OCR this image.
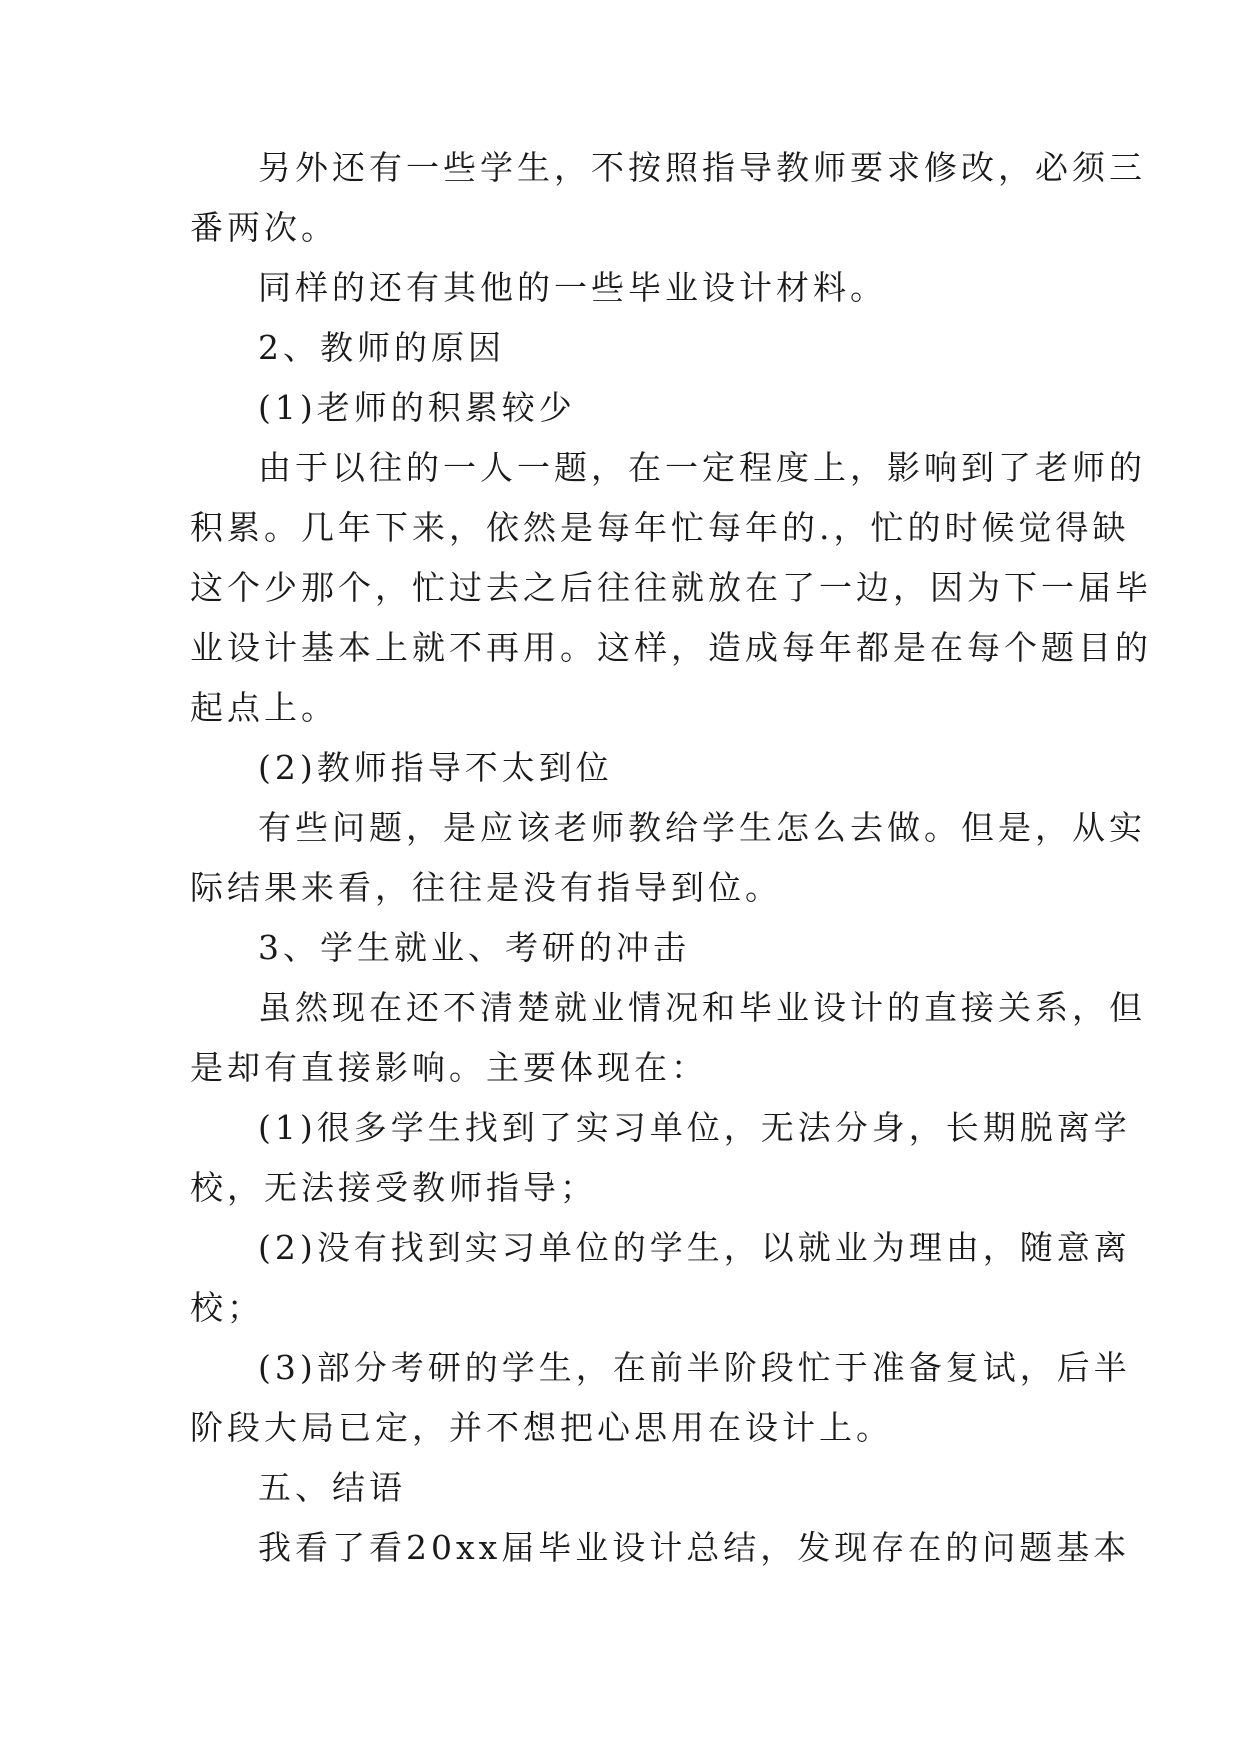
另外还有一些学生，不按照指导教师要求修改，必须三
番两次。
同样的还有其他的一些毕业设计材料。
2、教师的原因
(1)老师的积累较少
由于以往的一人一题，在一定程度上，影响到了老师的
积累。几年下来，依然是每年忙每年的.，忙的时候觉得缺
这个少那个，忙过去之后往往就放在了一边，因为下一届毕
业设计基本上就不再用。这样，造成每年都是在每个题目的
起点上。
(2)教师指导不太到位
有些问题，是应该老师教给学生怎么去做。但是，从实
际结果来看，往往是没有指导到位。
3、学生就业、考研的冲击
虽然现在还不清楚就业情况和毕业设计的直接关系，但
是却有直接影响。主要体现在：
(1)很多学生找到了实习单位，无法分身，长期脱离学
校，无法接受教师指导；
(2)没有找到实习单位的学生，以就业为理由，随意离
校；
(3)部分考研的学生，在前半阶段忙于准备复试，后半
阶段大局已定，并不想把心思用在设计上。
五、结语
我看了看20xx届毕业设计总结，发现存在的问题基本
